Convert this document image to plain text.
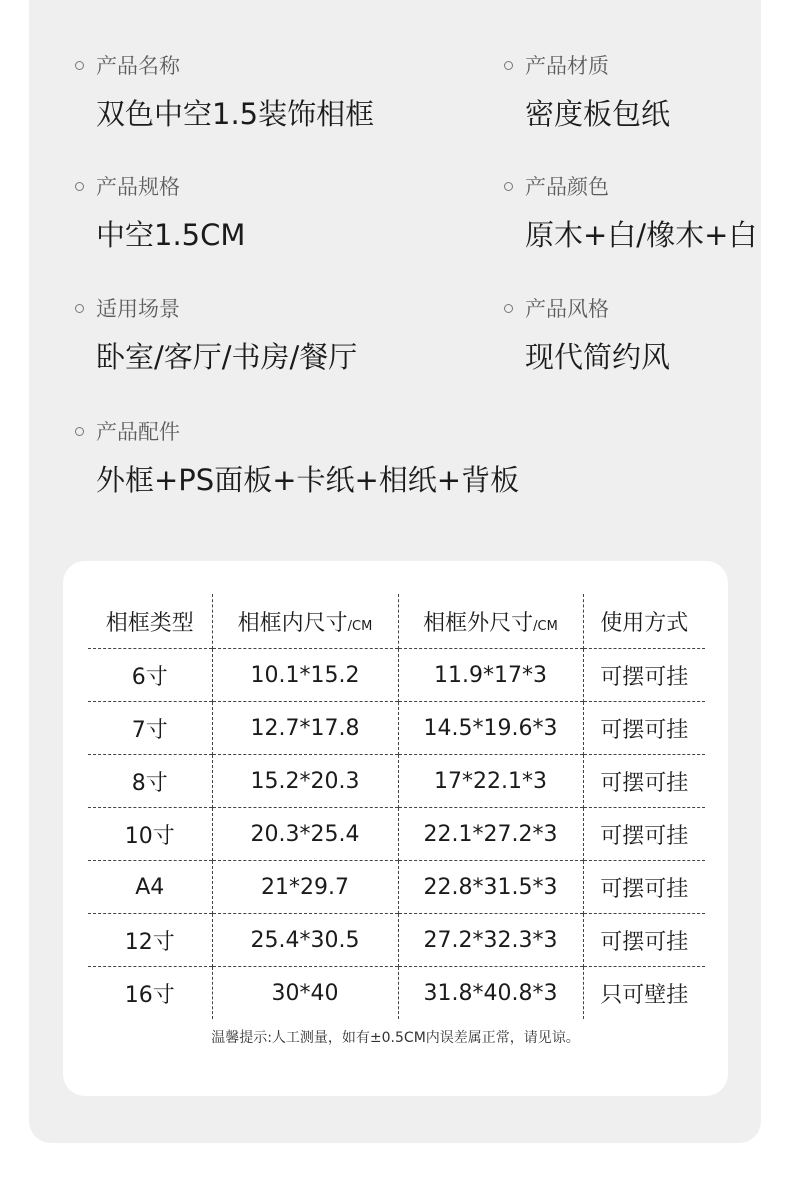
产品名称
双色中空1.5装饰相框
产品材质
密度板包纸
产品规格
中空1.5CM
产品颜色
原木+白/橡木+白
适用场景
卧室/客厅/书房/餐厅
产品风格
现代简约风
产品配件
外框+PS面板+卡纸+相纸+背板
相框类型	相框内尺寸/CM	相框外尺寸/CM	使用方式
6寸	10.1*15.2	11.9*17*3	可摆可挂
7寸	12.7*17.8	14.5*19.6*3	可摆可挂
8寸	15.2*20.3	17*22.1*3	可摆可挂
10寸	20.3*25.4	22.1*27.2*3	可摆可挂
A4	21*29.7	22.8*31.5*3	可摆可挂
12寸	25.4*30.5	27.2*32.3*3	可摆可挂
16寸	30*40	31.8*40.8*3	只可壁挂
温馨提示:人工测量，如有±0.5CM内误差属正常，请见谅。
